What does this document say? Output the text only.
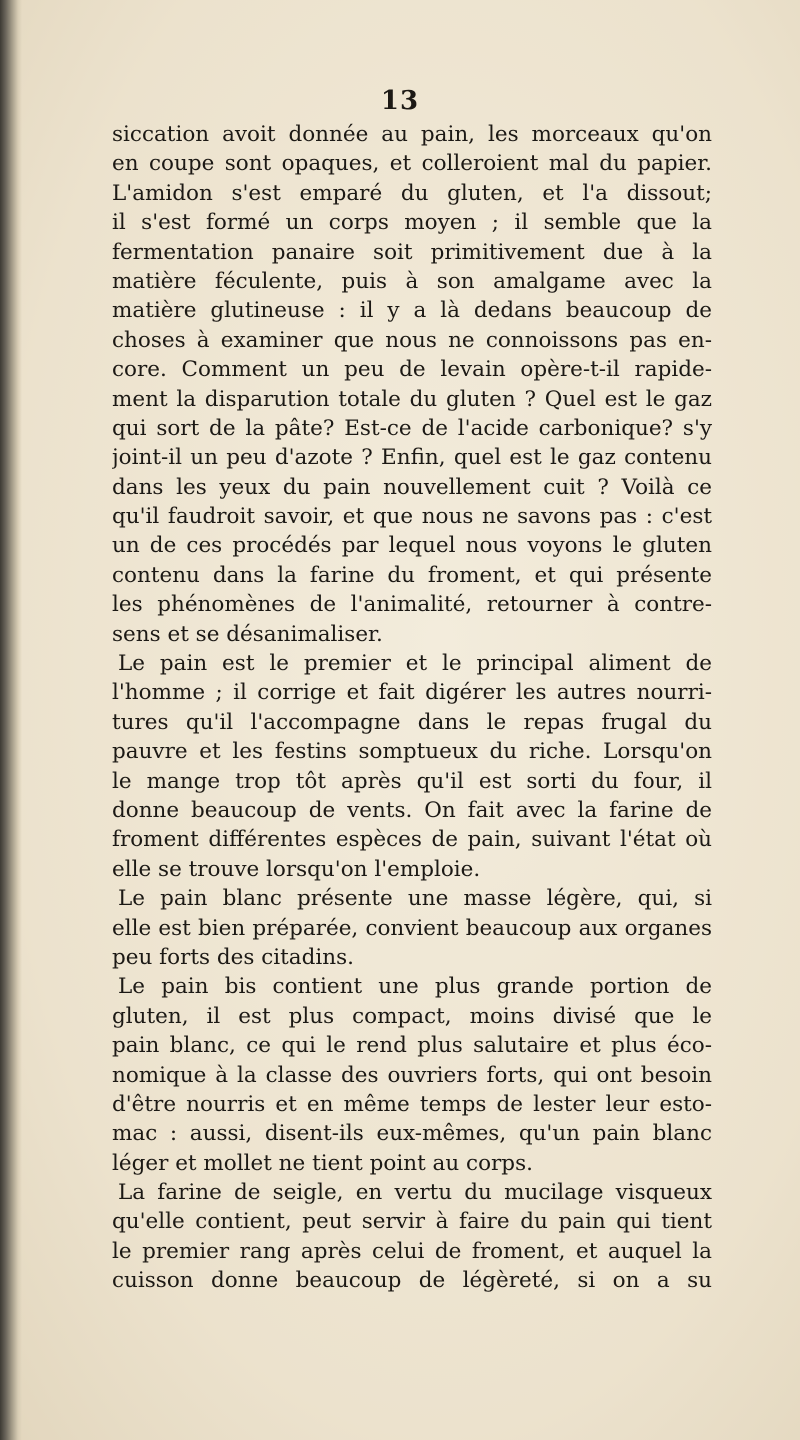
13
siccation avoit donnée au pain, les morceaux qu'on
en coupe sont opaques, et colleroient mal du papier.
L'amidon s'est emparé du gluten, et l'a dissout;
il s'est formé un corps moyen ; il semble que la
fermentation panaire soit primitivement due à la
matière féculente, puis à son amalgame avec la
matière glutineuse : il y a là dedans beaucoup de
choses à examiner que nous ne connoissons pas en-
core. Comment un peu de levain opère-t-il rapide-
ment la disparution totale du gluten ? Quel est le gaz
qui sort de la pâte? Est-ce de l'acide carbonique? s'y
joint-il un peu d'azote ? Enfin, quel est le gaz contenu
dans les yeux du pain nouvellement cuit ? Voilà ce
qu'il faudroit savoir, et que nous ne savons pas : c'est
un de ces procédés par lequel nous voyons le gluten
contenu dans la farine du froment, et qui présente
les phénomènes de l'animalité, retourner à contre-
sens et se désanimaliser.
Le pain est le premier et le principal aliment de
l'homme ; il corrige et fait digérer les autres nourri-
tures qu'il l'accompagne dans le repas frugal du
pauvre et les festins somptueux du riche. Lorsqu'on
le mange trop tôt après qu'il est sorti du four, il
donne beaucoup de vents. On fait avec la farine de
froment différentes espèces de pain, suivant l'état où
elle se trouve lorsqu'on l'emploie.
Le pain blanc présente une masse légère, qui, si
elle est bien préparée, convient beaucoup aux organes
peu forts des citadins.
Le pain bis contient une plus grande portion de
gluten, il est plus compact, moins divisé que le
pain blanc, ce qui le rend plus salutaire et plus éco-
nomique à la classe des ouvriers forts, qui ont besoin
d'être nourris et en même temps de lester leur esto-
mac : aussi, disent-ils eux-mêmes, qu'un pain blanc
léger et mollet ne tient point au corps.
La farine de seigle, en vertu du mucilage visqueux
qu'elle contient, peut servir à faire du pain qui tient
le premier rang après celui de froment, et auquel la
cuisson donne beaucoup de légèreté, si on a su
